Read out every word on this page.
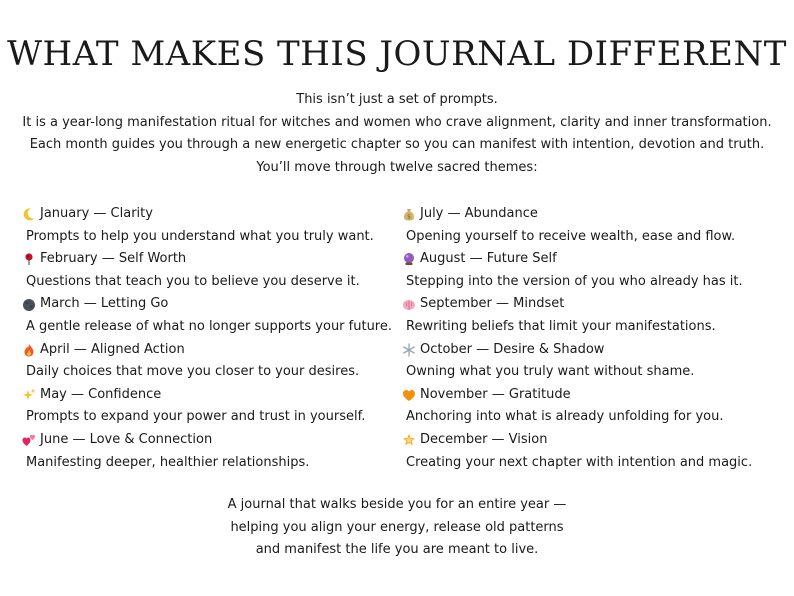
WHAT MAKES THIS JOURNAL DIFFERENT
This isn’t just a set of prompts.
It is a year-long manifestation ritual for witches and women who crave alignment, clarity and inner transformation.
Each month guides you through a new energetic chapter so you can manifest with intention, devotion and truth.
You’ll move through twelve sacred themes:
January — Clarity
Prompts to help you understand what you truly want.
February — Self Worth
Questions that teach you to believe you deserve it.
March — Letting Go
A gentle release of what no longer supports your future.
April — Aligned Action
Daily choices that move you closer to your desires.
May — Confidence
Prompts to expand your power and trust in yourself.
June — Love & Connection
Manifesting deeper, healthier relationships.
$ July — Abundance
Opening yourself to receive wealth, ease and flow.
August — Future Self
Stepping into the version of you who already has it.
September — Mindset
Rewriting beliefs that limit your manifestations.
October — Desire & Shadow
Owning what you truly want without shame.
November — Gratitude
Anchoring into what is already unfolding for you.
December — Vision
Creating your next chapter with intention and magic.
A journal that walks beside you for an entire year —
helping you align your energy, release old patterns
and manifest the life you are meant to live.
